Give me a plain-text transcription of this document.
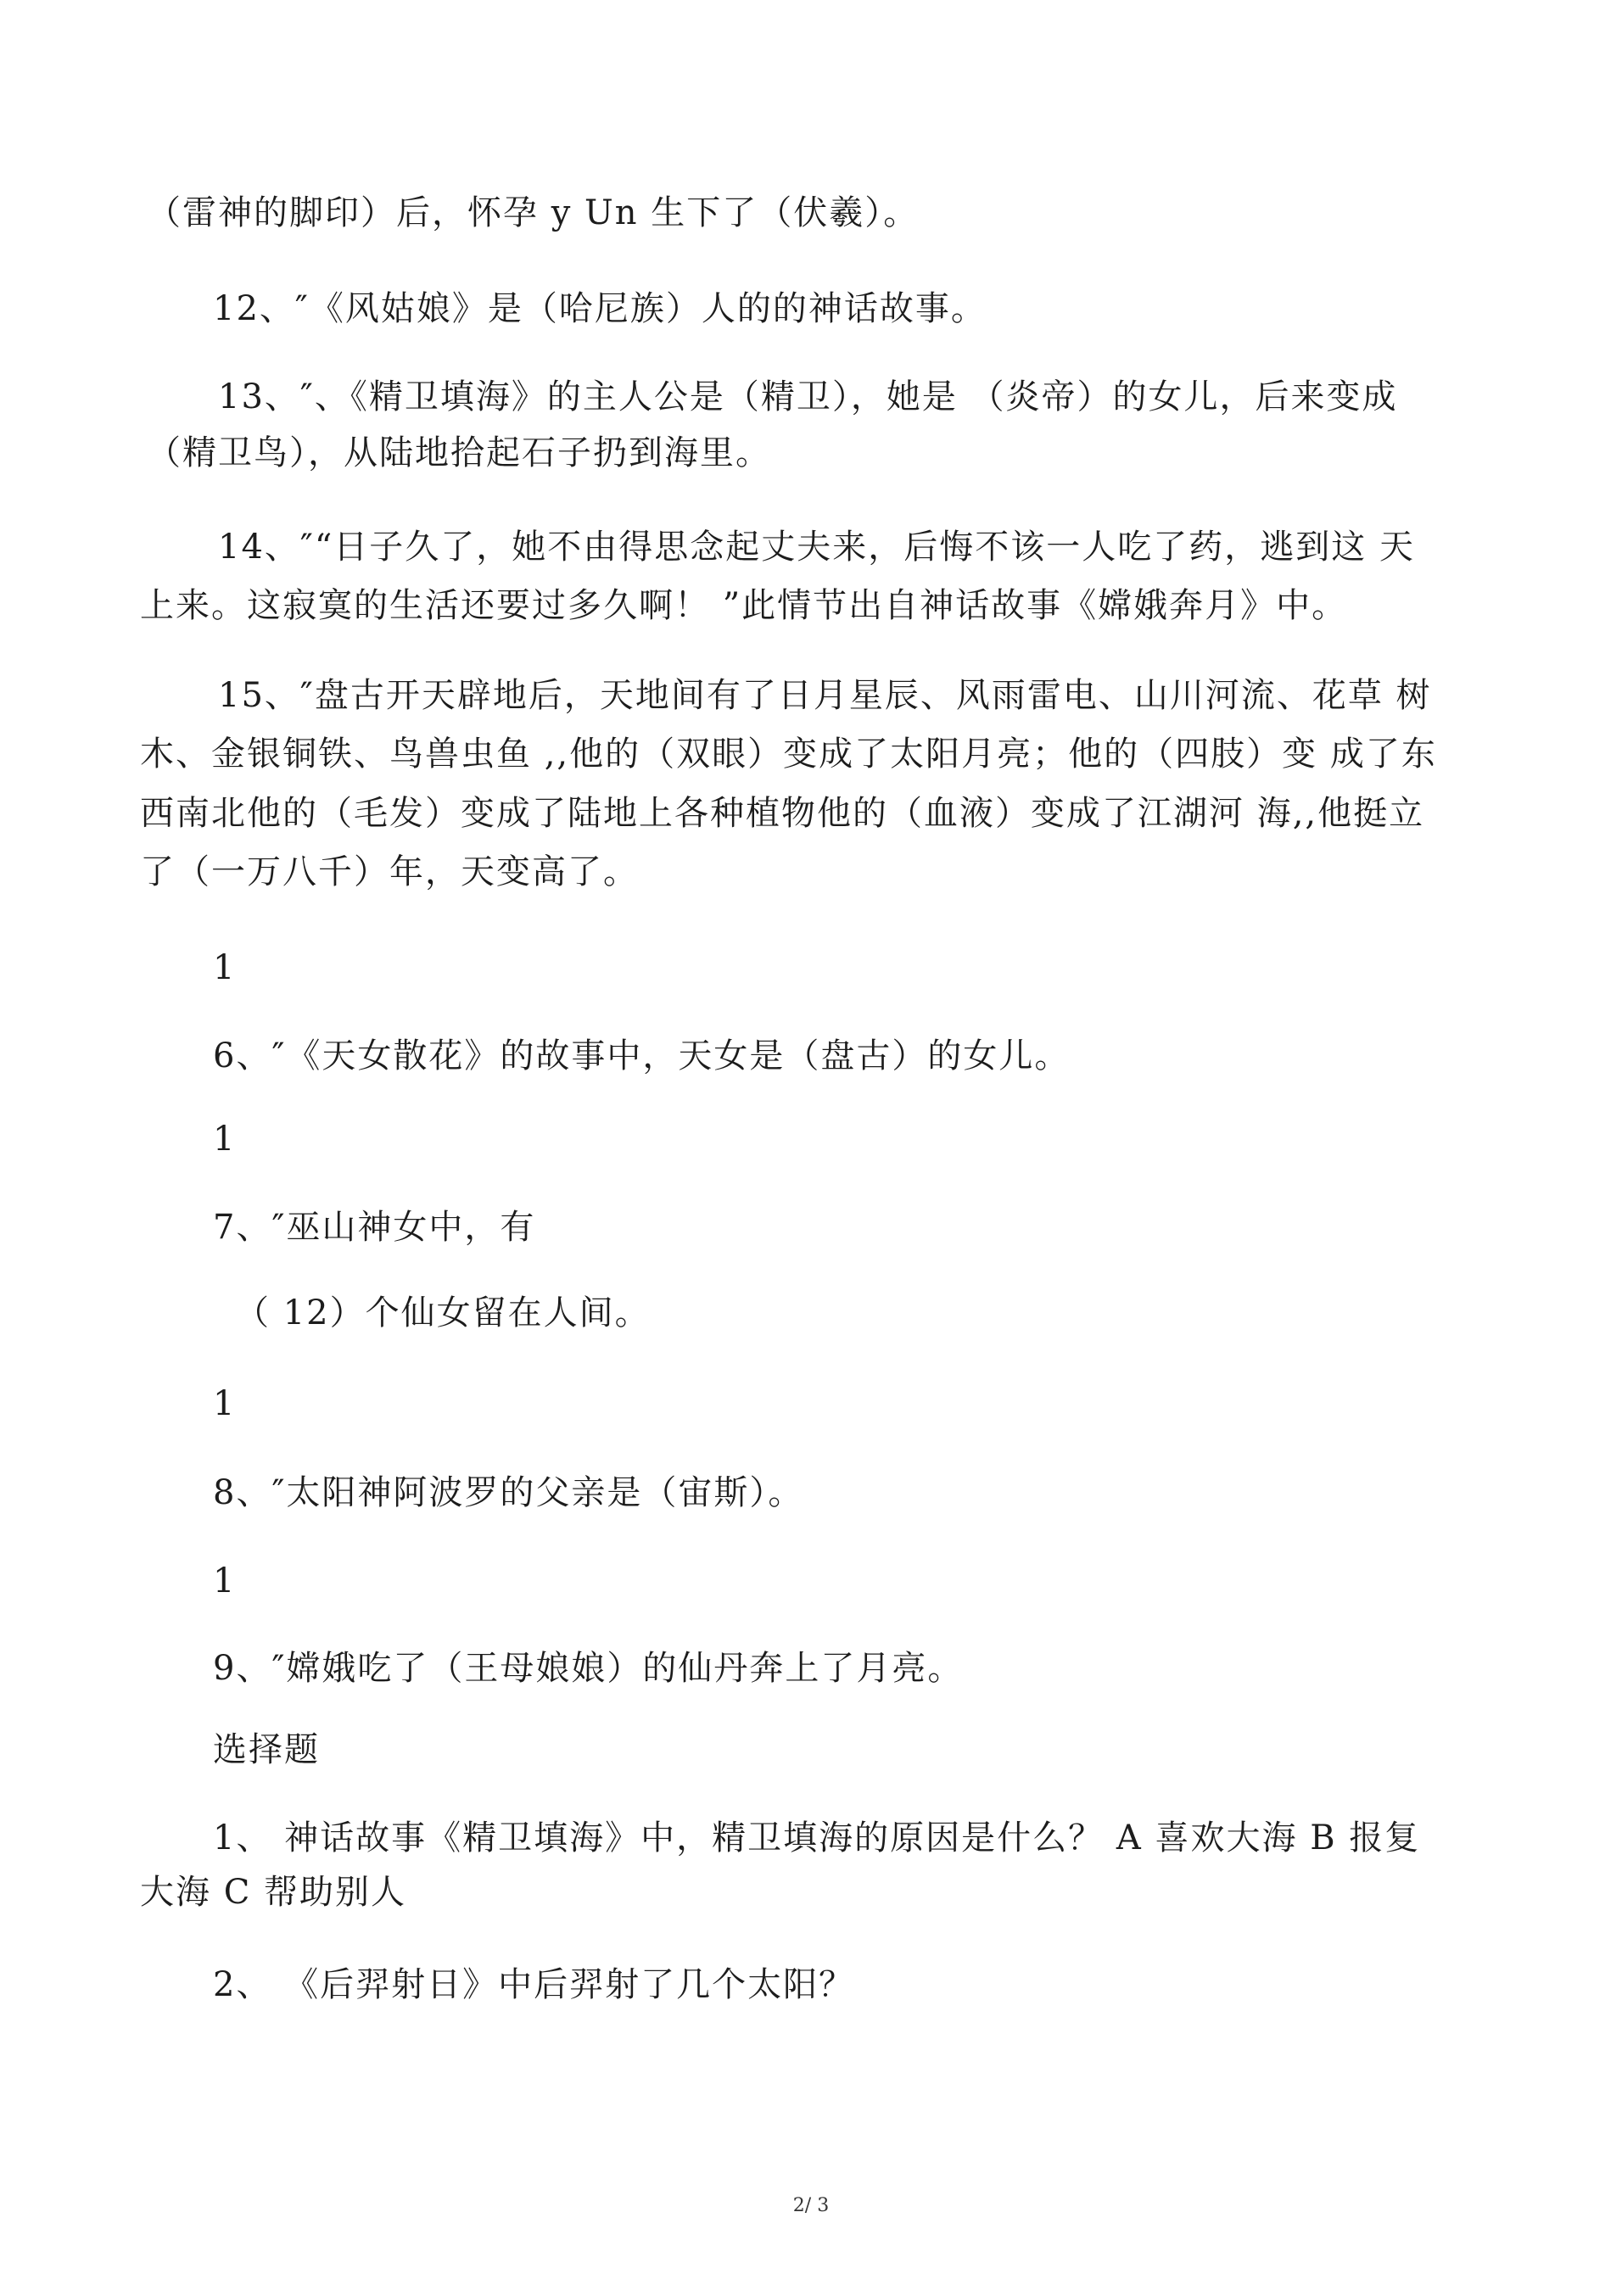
（雷神的脚印）后，怀孕 y Un 生下了（伏羲）。
12、″《风姑娘》是（哈尼族）人的的神话故事。
13、″、《精卫填海》的主人公是（精卫），她是 （炎帝）的女儿，后来变成
（精卫鸟），从陆地拾起石子扔到海里。
14、″“日子久了，她不由得思念起丈夫来，后悔不该一人吃了药，逃到这 天
上来。这寂寞的生活还要过多久啊！ ”此情节出自神话故事《嫦娥奔月》中。
15、″盘古开天辟地后，天地间有了日月星辰、风雨雷电、山川河流、花草 树
木、金银铜铁、鸟兽虫鱼 ,,他的（双眼）变成了太阳月亮；他的（四肢）变 成了东
西南北他的（毛发）变成了陆地上各种植物他的（血液）变成了江湖河 海,,他挺立
了（一万八千）年，天变高了。
1
6、″《天女散花》的故事中，天女是（盘古）的女儿。
1
7、″巫山神女中，有
（ 12）个仙女留在人间。
1
8、″太阳神阿波罗的父亲是（宙斯）。
1
9、″嫦娥吃了（王母娘娘）的仙丹奔上了月亮。
选择题
1、 神话故事《精卫填海》中，精卫填海的原因是什么？ A 喜欢大海 B 报复
大海 C 帮助别人
2、 《后羿射日》中后羿射了几个太阳？
2/ 3
